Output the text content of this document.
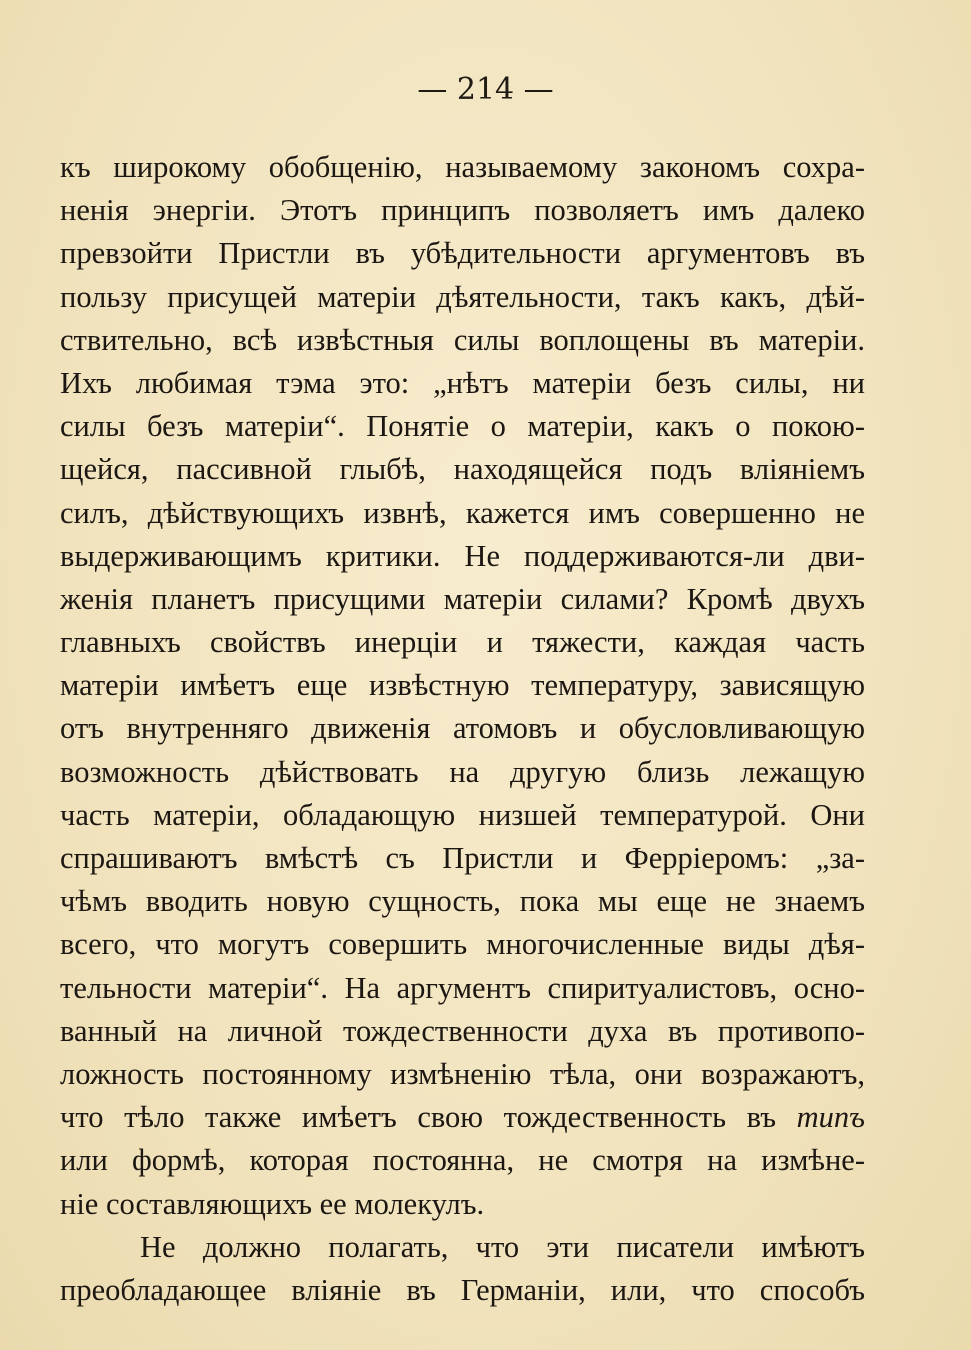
— 214 —
къ широкому обобщенію, называемому закономъ сохра-
ненія энергіи. Этотъ принципъ позволяетъ имъ далеко
превзойти Пристли въ убѣдительности аргументовъ въ
пользу присущей матеріи дѣятельности, такъ какъ, дѣй-
ствительно, всѣ извѣстныя силы воплощены въ матеріи.
Ихъ любимая тэма это: „нѣтъ матеріи безъ силы, ни
силы безъ матеріи“. Понятіе о матеріи, какъ о покою-
щейся, пассивной глыбѣ, находящейся подъ вліяніемъ
силъ, дѣйствующихъ извнѣ, кажется имъ совершенно не
выдерживающимъ критики. Не поддерживаются-ли дви-
женія планетъ присущими матеріи силами? Кромѣ двухъ
главныхъ свойствъ инерціи и тяжести, каждая часть
матеріи имѣетъ еще извѣстную температуру, зависящую
отъ внутренняго движенія атомовъ и обусловливающую
возможность дѣйствовать на другую близь лежащую
часть матеріи, обладающую низшей температурой. Они
спрашиваютъ вмѣстѣ съ Пристли и Ферріеромъ: „за-
чѣмъ вводить новую сущность, пока мы еще не знаемъ
всего, что могутъ совершить многочисленные виды дѣя-
тельности матеріи“. На аргументъ спиритуалистовъ, осно-
ванный на личной тождественности духа въ противопо-
ложность постоянному измѣненію тѣла, они возражаютъ,
что тѣло также имѣетъ свою тождественность въ типъ
или формѣ, которая постоянна, не смотря на измѣне-
ніе составляющихъ ее молекулъ.
Не должно полагать, что эти писатели имѣютъ
преобладающее вліяніе въ Германіи, или, что способъ
